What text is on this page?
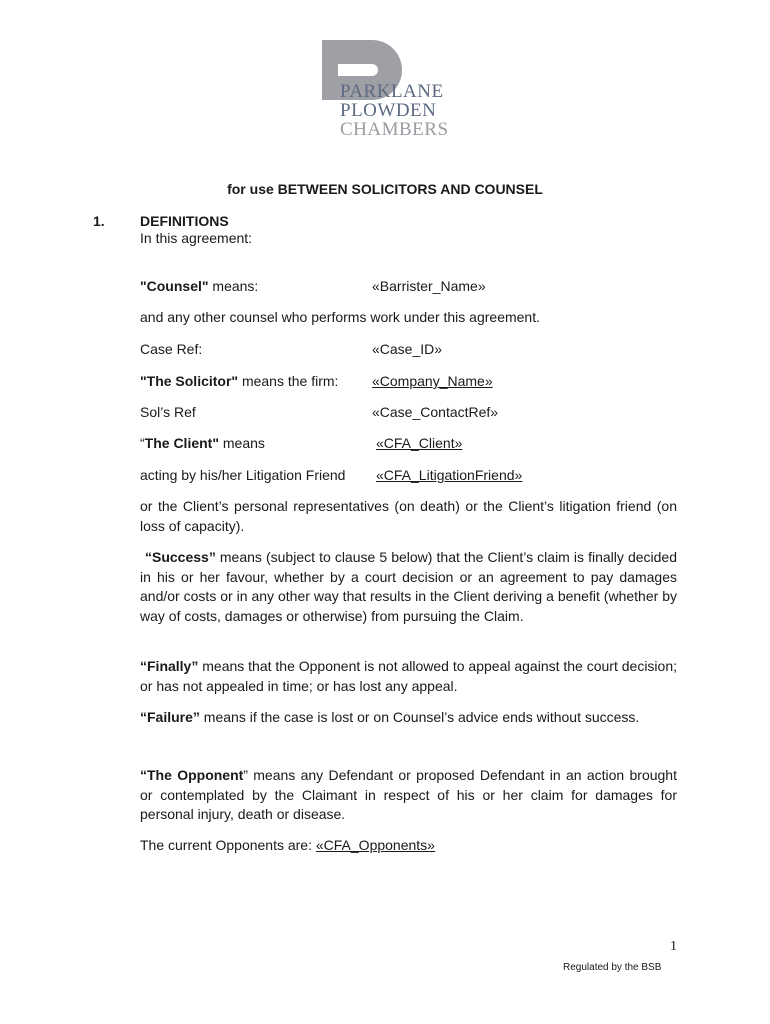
PARKLANE
PLOWDEN
CHAMBERS
for use BETWEEN SOLICITORS AND COUNSEL
1.	DEFINITIONS
In this agreement:
"Counsel" means:	«Barrister_Name»
and any other counsel who performs work under this agreement.
Case Ref:	«Case_ID»
"The Solicitor" means the firm: «Company_Name»
Sol’s Ref	«Case_ContactRef»
“The Client" means	«CFA_Client»
acting by his/her Litigation Friend «CFA_LitigationFriend»
or the Client’s personal representatives (on death) or the Client’s litigation friend (on loss of capacity).
“Success” means (subject to clause 5 below) that the Client’s claim is finally decided in his or her favour, whether by a court decision or an agreement to pay damages and/or costs or in any other way that results in the Client deriving a benefit (whether by way of costs, damages or otherwise) from pursuing the Claim.
“Finally” means that the Opponent is not allowed to appeal against the court decision; or has not appealed in time; or has lost any appeal.
“Failure” means if the case is lost or on Counsel’s advice ends without success.
“The Opponent” means any Defendant or proposed Defendant in an action brought or contemplated by the Claimant in respect of his or her claim for damages for personal injury, death or disease.
The current Opponents are: «CFA_Opponents»
1
Regulated by the BSB
